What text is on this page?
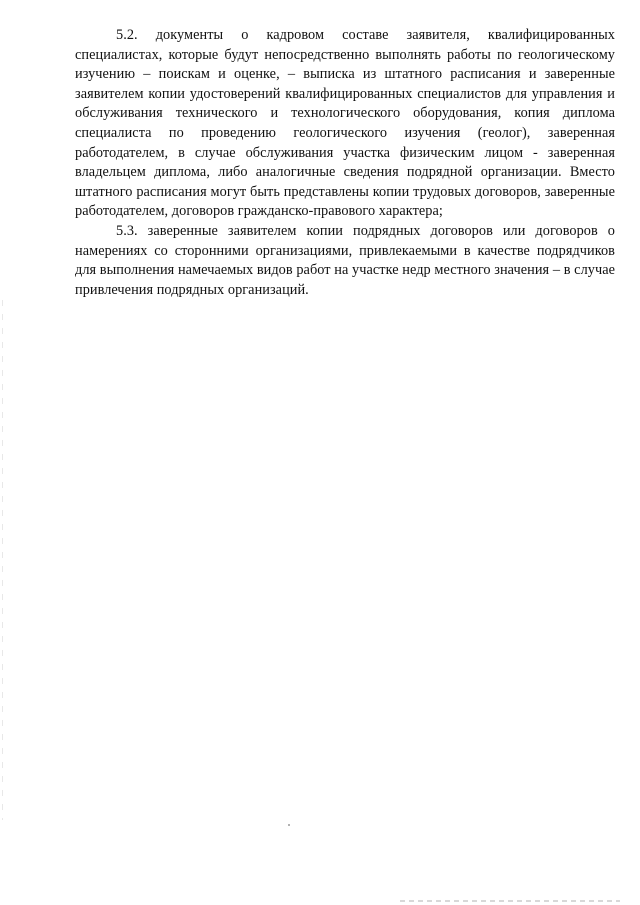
5.2. документы о кадровом составе заявителя, квалифицированных специалистах, которые будут непосредственно выполнять работы по геологическому изучению – поискам и оценке, – выписка из штатного расписания и заверенные заявителем копии удостоверений квалифицированных специалистов для управления и обслуживания технического и технологического оборудования, копия диплома специалиста по проведению геологического изучения (геолог), заверенная работодателем, в случае обслуживания участка физическим лицом - заверенная владельцем диплома, либо аналогичные сведения подрядной организации. Вместо штатного расписания могут быть представлены копии трудовых договоров, заверенные работодателем, договоров гражданско-правового характера;

5.3. заверенные заявителем копии подрядных договоров или договоров о намерениях со сторонними организациями, привлекаемыми в качестве подрядчиков для выполнения намечаемых видов работ на участке недр местного значения – в случае привлечения подрядных организаций.
